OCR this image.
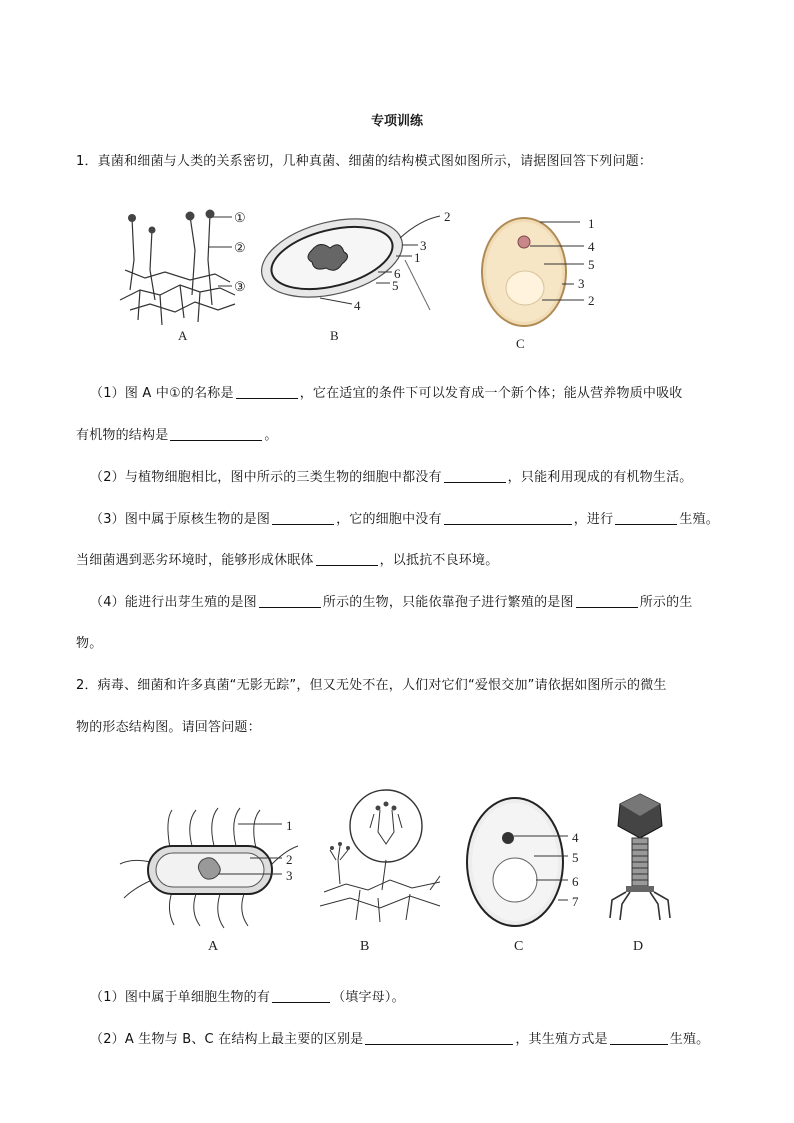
专项训练
1．真菌和细菌与人类的关系密切，几种真菌、细菌的结构模式图如图所示，请据图回答下列问题：
①
②
③
A
2
3
1
6
5
4
B
1
4
5
3
2
C
（1）图 A 中①的名称是	，它在适宜的条件下可以发育成一个新个体；能从营养物质中吸收
有机物的结构是	。
（2）与植物细胞相比，图中所示的三类生物的细胞中都没有	，只能利用现成的有机物生活。
（3）图中属于原核生物的是图	，它的细胞中没有	，进行	生殖。
当细菌遇到恶劣环境时，能够形成休眠体	，以抵抗不良环境。
（4）能进行出芽生殖的是图	所示的生物，只能依靠孢子进行繁殖的是图	所示的生
物。
2．病毒、细菌和许多真菌“无影无踪”，但又无处不在，人们对它们“爱恨交加”请依据如图所示的微生
物的形态结构图。请回答问题：
1
2
3
A	B
4
5
6
7
C	D
（1）图中属于单细胞生物的有	（填字母）。
（2）A 生物与 B、C 在结构上最主要的区别是	，其生殖方式是	生殖。
